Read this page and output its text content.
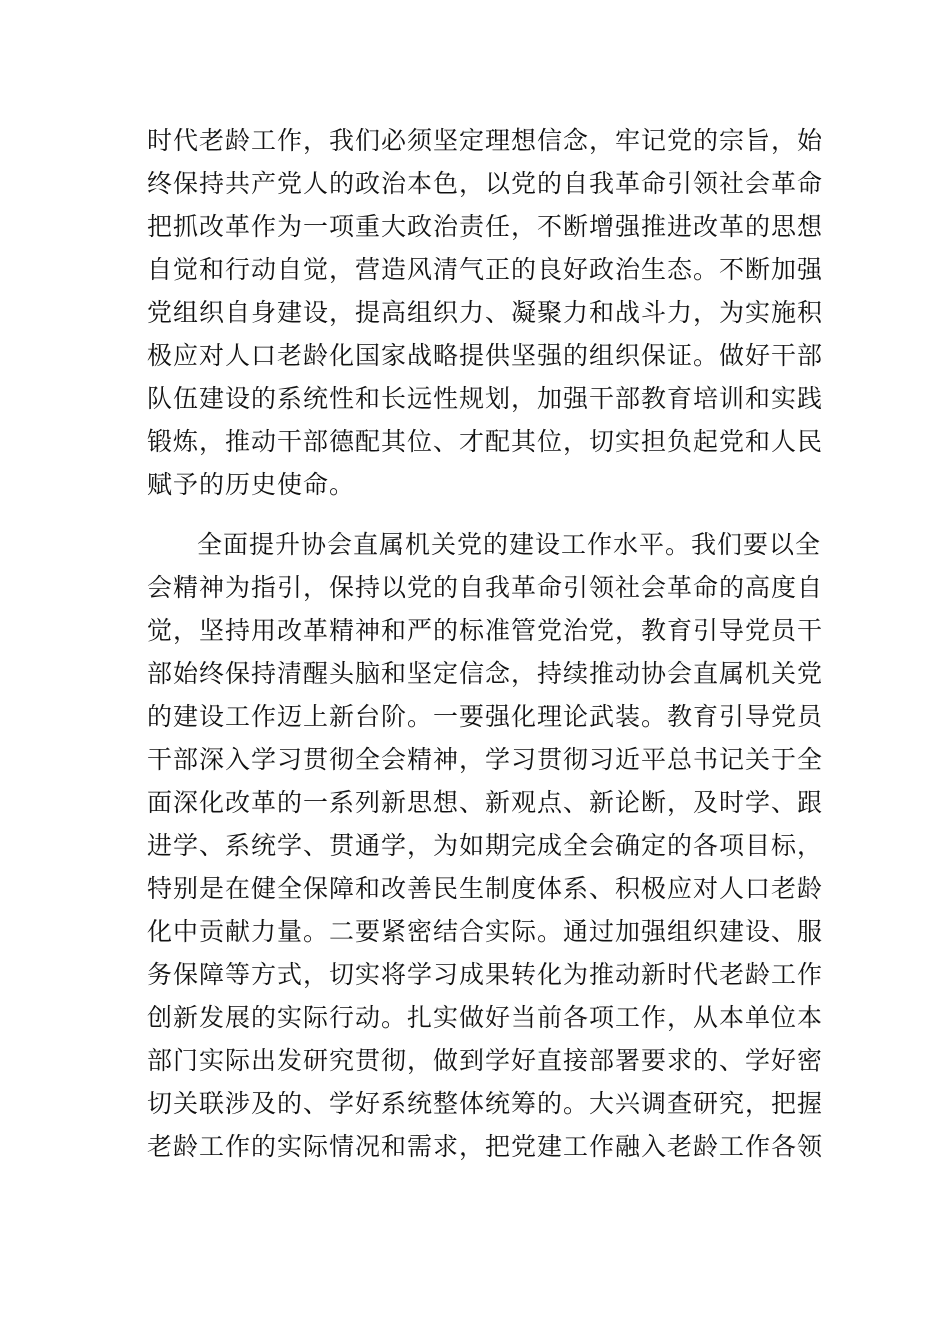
时代老龄工作，我们必须坚定理想信念，牢记党的宗旨，始
终保持共产党人的政治本色，以党的自我革命引领社会革命
把抓改革作为一项重大政治责任，不断增强推进改革的思想
自觉和行动自觉，营造风清气正的良好政治生态。不断加强
党组织自身建设，提高组织力、凝聚力和战斗力，为实施积
极应对人口老龄化国家战略提供坚强的组织保证。做好干部
队伍建设的系统性和长远性规划，加强干部教育培训和实践
锻炼，推动干部德配其位、才配其位，切实担负起党和人民
赋予的历史使命。
全面提升协会直属机关党的建设工作水平。我们要以全
会精神为指引，保持以党的自我革命引领社会革命的高度自
觉，坚持用改革精神和严的标准管党治党，教育引导党员干
部始终保持清醒头脑和坚定信念，持续推动协会直属机关党
的建设工作迈上新台阶。一要强化理论武装。教育引导党员
干部深入学习贯彻全会精神，学习贯彻习近平总书记关于全
面深化改革的一系列新思想、新观点、新论断，及时学、跟
进学、系统学、贯通学，为如期完成全会确定的各项目标，
特别是在健全保障和改善民生制度体系、积极应对人口老龄
化中贡献力量。二要紧密结合实际。通过加强组织建设、服
务保障等方式，切实将学习成果转化为推动新时代老龄工作
创新发展的实际行动。扎实做好当前各项工作，从本单位本
部门实际出发研究贯彻，做到学好直接部署要求的、学好密
切关联涉及的、学好系统整体统筹的。大兴调查研究，把握
老龄工作的实际情况和需求，把党建工作融入老龄工作各领
